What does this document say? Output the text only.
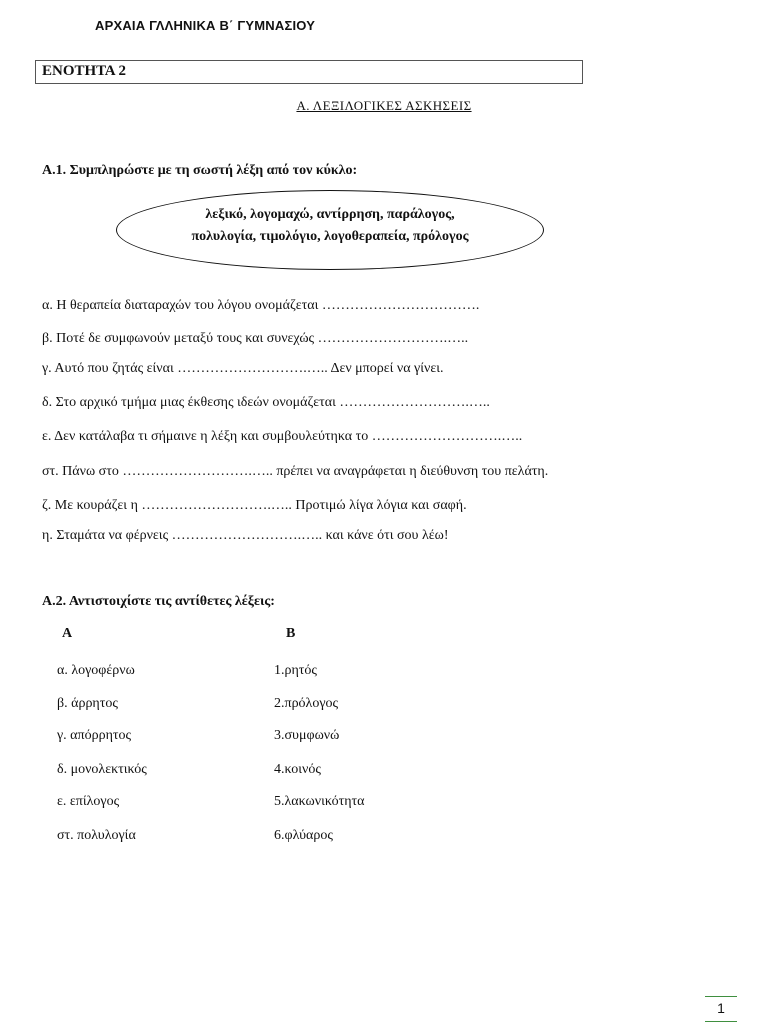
ΑΡΧΑΙΑ ΓΛΛΗΝΙΚΑ Β΄ ΓΥΜΝΑΣΙΟΥ
ΕΝΟΤΗΤΑ 2
Α. ΛΕΞΙΛΟΓΙΚΕΣ ΑΣΚΗΣΕΙΣ
Α.1. Συμπληρώστε με τη σωστή λέξη από τον κύκλο:
λεξικό, λογομαχώ, αντίρρηση, παράλογος,
πολυλογία, τιμολόγιο, λογοθεραπεία, πρόλογος
α. Η θεραπεία διαταραχών του λόγου ονομάζεται …………………………….
β. Ποτέ δε συμφωνούν μεταξύ τους και συνεχώς ……………………….…..
γ. Αυτό που ζητάς είναι ……………………….….. Δεν μπορεί να γίνει.
δ. Στο αρχικό τμήμα μιας έκθεσης ιδεών ονομάζεται ……………………….…..
ε. Δεν κατάλαβα τι σήμαινε η λέξη και συμβουλεύτηκα το ……………………….…..
στ. Πάνω στο ……………………….….. πρέπει να αναγράφεται η διεύθυνση του πελάτη.
ζ. Με κουράζει η ……………………….….. Προτιμώ λίγα λόγια και σαφή.
η. Σταμάτα να φέρνεις ……………………….….. και κάνε ότι σου λέω!
Α.2. Αντιστοιχίστε τις αντίθετες λέξεις:
Α	Β
α. λογοφέρνω
β. άρρητος
γ. απόρρητος
δ. μονολεκτικός
ε. επίλογος
στ. πολυλογία
1.ρητός
2.πρόλογος
3.συμφωνώ
4.κοινός
5.λακωνικότητα
6.φλύαρος
1
